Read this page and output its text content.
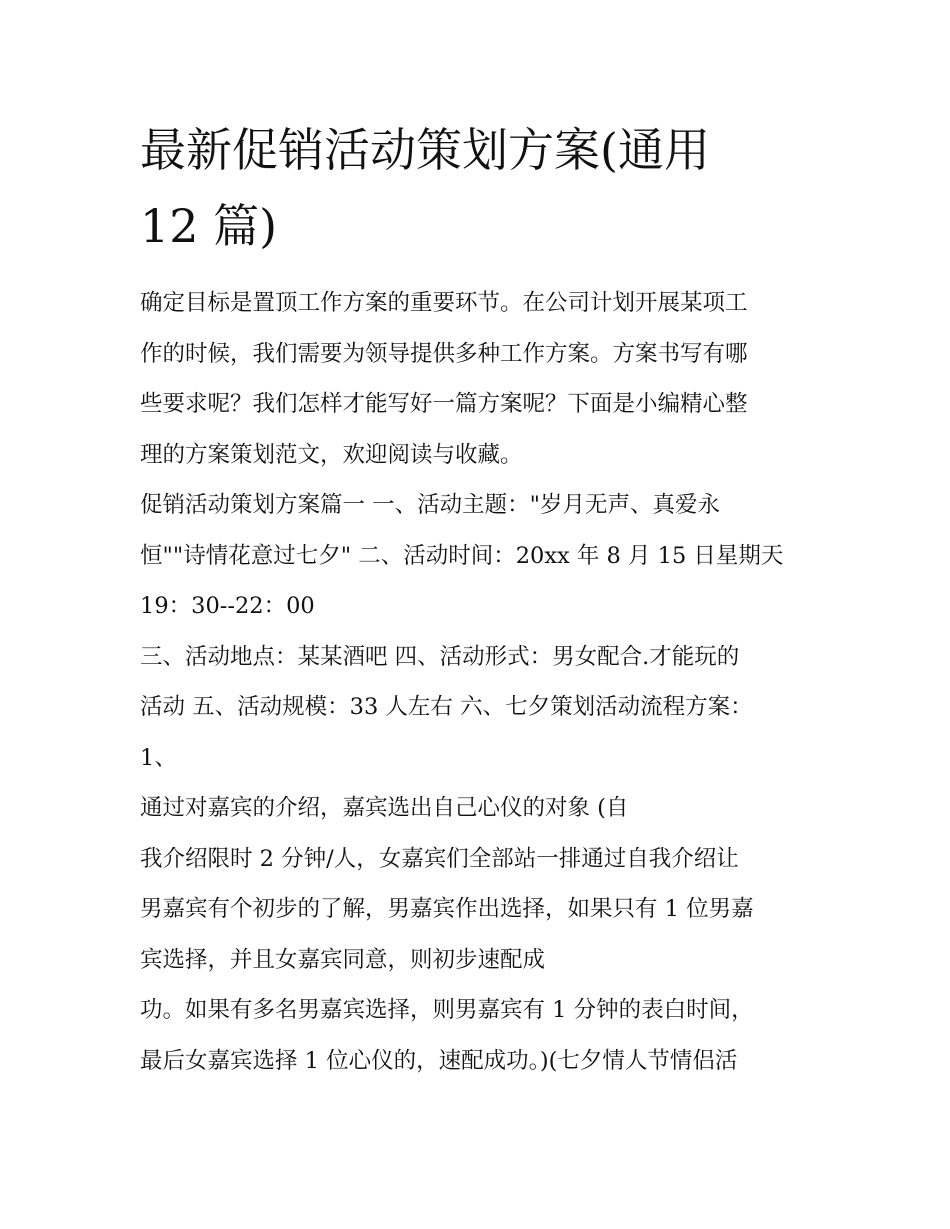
最新促销活动策划方案(通用
12 篇)
确定目标是置顶工作方案的重要环节。在公司计划开展某项工
作的时候，我们需要为领导提供多种工作方案。方案书写有哪
些要求呢？我们怎样才能写好一篇方案呢？下面是小编精心整
理的方案策划范文，欢迎阅读与收藏。
促销活动策划方案篇一 一、活动主题："岁月无声、真爱永
恒""诗情花意过七夕" 二、活动时间：20xx 年 8 月 15 日星期天
19：30--22：00
三、活动地点：某某酒吧 四、活动形式：男女配合.才能玩的
活动 五、活动规模：33 人左右 六、七夕策划活动流程方案：
1、
通过对嘉宾的介绍，嘉宾选出自己心仪的对象 (自
我介绍限时 2 分钟/人，女嘉宾们全部站一排通过自我介绍让
男嘉宾有个初步的了解，男嘉宾作出选择，如果只有 1 位男嘉
宾选择，并且女嘉宾同意，则初步速配成
功。如果有多名男嘉宾选择，则男嘉宾有 1 分钟的表白时间，
最后女嘉宾选择 1 位心仪的，速配成功。)(七夕情人节情侣活
